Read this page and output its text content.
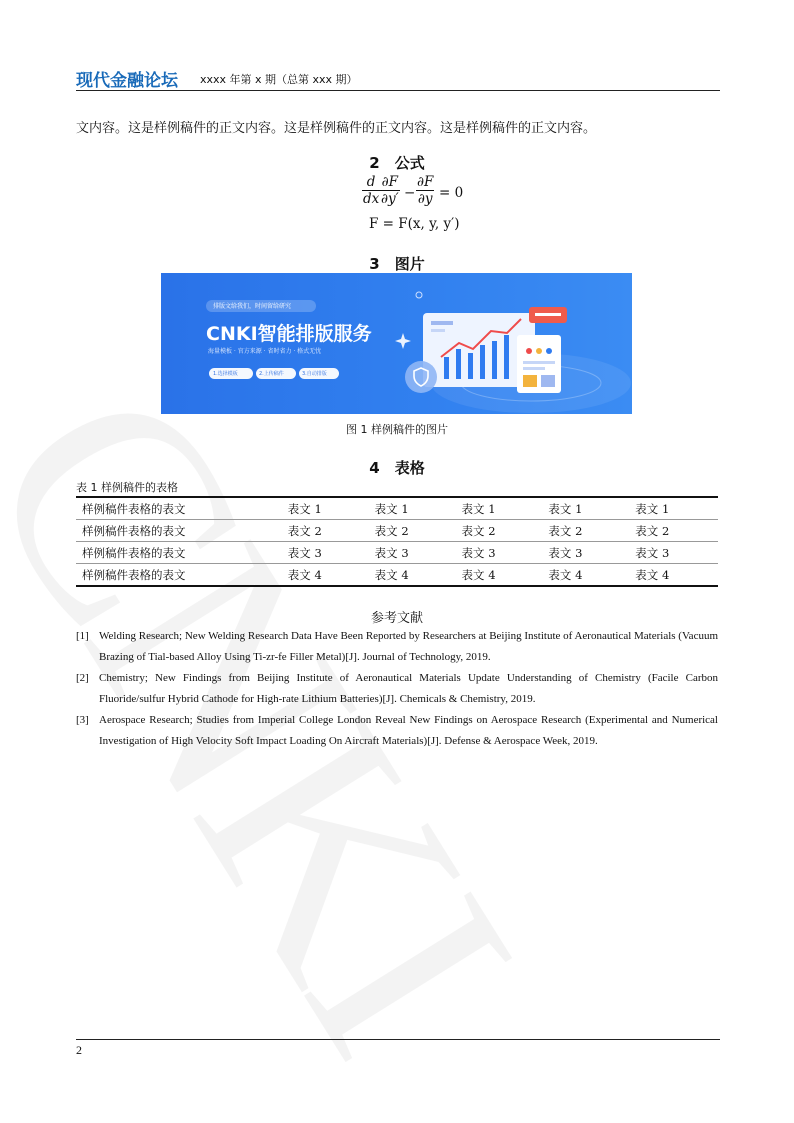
现代金融论坛 xxxx 年第 x 期（总第 xxx 期）
文内容。这是样例稿件的正文内容。这是样例稿件的正文内容。这是样例稿件的正文内容。
2　公式
$\frac{d}{dx} \frac{\partial F}{\partial y'} - \frac{\partial F}{\partial y} = 0$
F = F(x, y, y′)
3　图片
排版文给我们，时间留给研究
CNKI智能排版服务
海量模板 · 官方来源 · 省时省力 · 格式无忧
1.选择模板	2.上传稿件	3.自动排版
图 1 样例稿件的图片
4　表格
表 1 样例稿件的表格
样例稿件表格的表文	表文 1	表文 1	表文 1	表文 1	表文 1
样例稿件表格的表文	表文 2	表文 2	表文 2	表文 2	表文 2
样例稿件表格的表文	表文 3	表文 3	表文 3	表文 3	表文 3
样例稿件表格的表文	表文 4	表文 4	表文 4	表文 4	表文 4
参考文献
[1] Welding Research; New Welding Research Data Have Been Reported by Researchers at Beijing Institute of Aeronautical Materials (Vacuum Brazing of Tial-based Alloy Using Ti-zr-fe Filler Metal)[J]. Journal of Technology, 2019.
[2] Chemistry; New Findings from Beijing Institute of Aeronautical Materials Update Understanding of Chemistry (Facile Carbon Fluoride/sulfur Hybrid Cathode for High-rate Lithium Batteries)[J]. Chemicals & Chemistry, 2019.
[3] Aerospace Research; Studies from Imperial College London Reveal New Findings on Aerospace Research (Experimental and Numerical Investigation of High Velocity Soft Impact Loading On Aircraft Materials)[J]. Defense & Aerospace Week, 2019.
2
